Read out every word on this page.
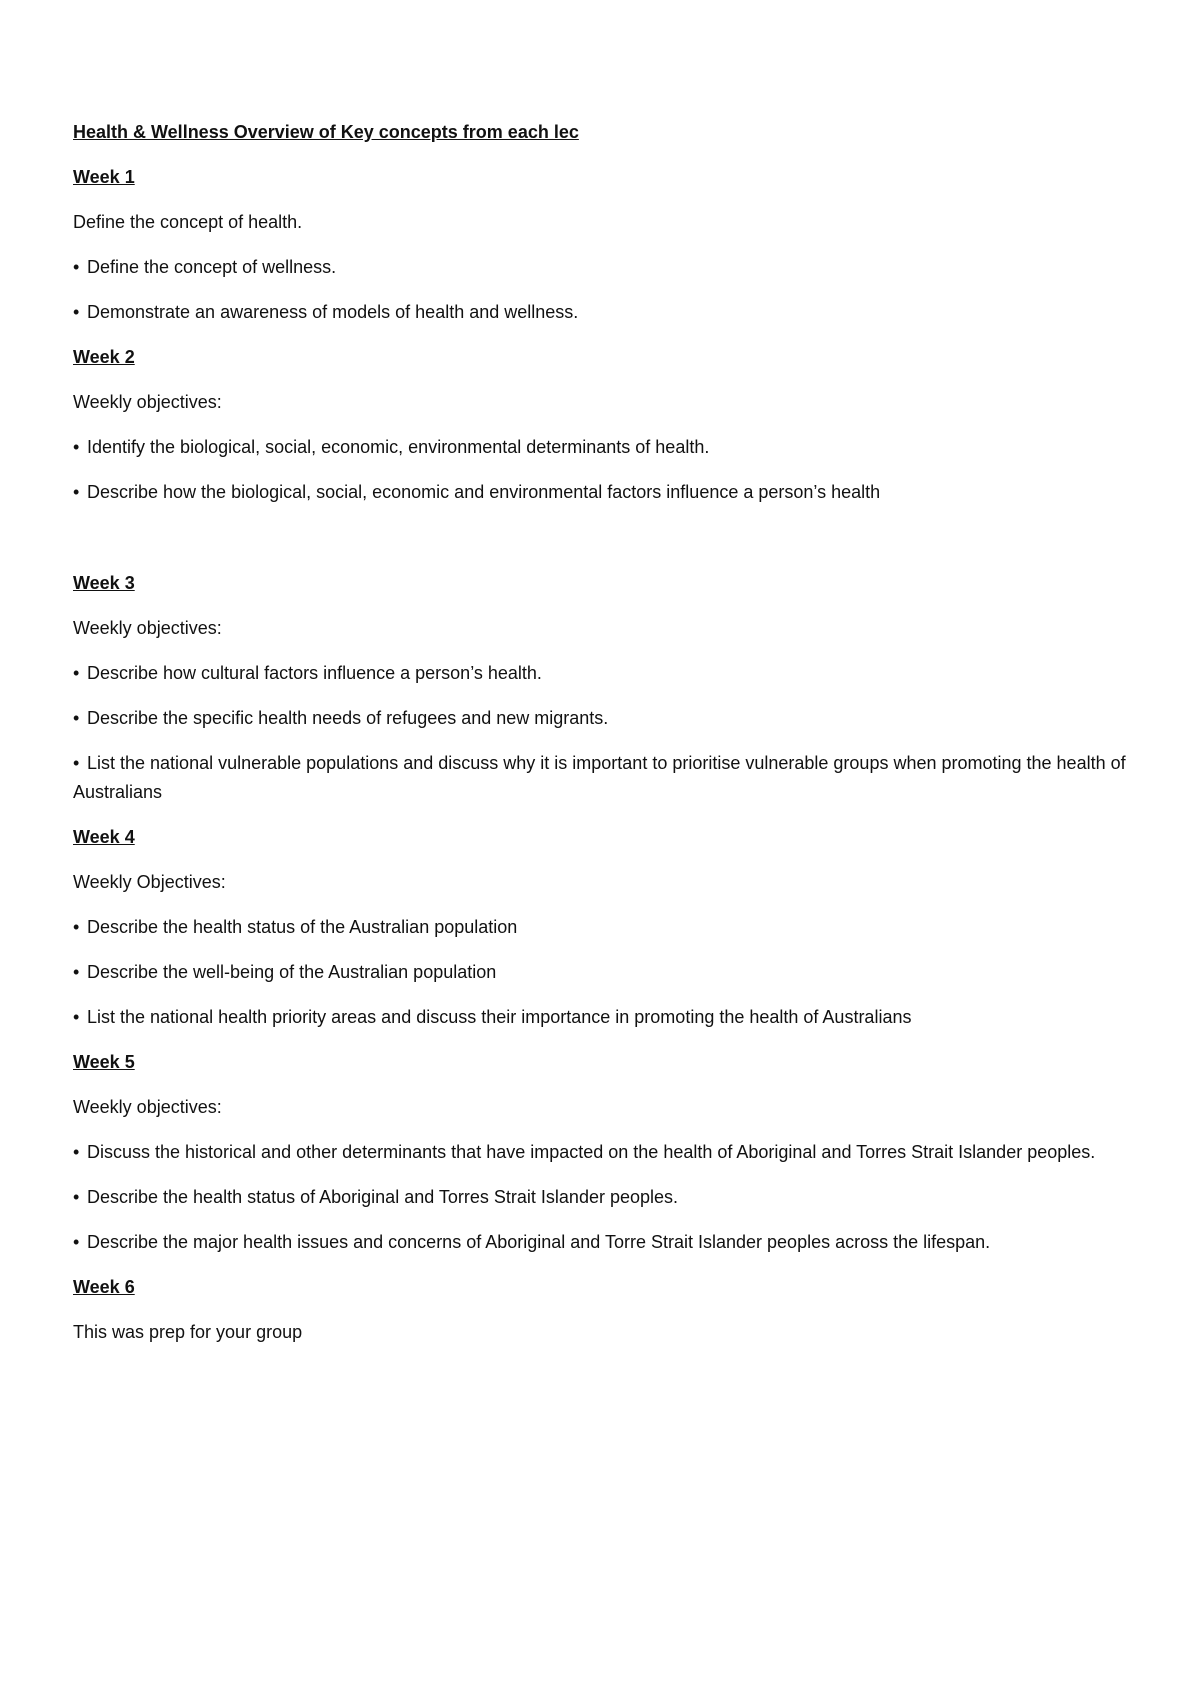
Health & Wellness Overview of Key concepts from each lec
Week 1
Define the concept of health.
• Define the concept of wellness.
• Demonstrate an awareness of models of health and wellness.
Week 2
Weekly objectives:
• Identify the biological, social, economic, environmental determinants of health.
• Describe how the biological, social, economic and environmental factors influence a person’s health
Week 3
Weekly objectives:
• Describe how cultural factors influence a person’s health.
• Describe the specific health needs of refugees and new migrants.
• List the national vulnerable populations and discuss why it is important to prioritise vulnerable groups when promoting the health of Australians
Week 4
Weekly Objectives:
• Describe the health status of the Australian population
• Describe the well-being of the Australian population
• List the national health priority areas and discuss their importance in promoting the health of Australians
Week 5
Weekly objectives:
• Discuss the historical and other determinants that have impacted on the health of Aboriginal and Torres Strait Islander peoples.
• Describe the health status of Aboriginal and Torres Strait Islander peoples.
• Describe the major health issues and concerns of Aboriginal and Torre Strait Islander peoples across the lifespan.
Week 6
This was prep for your group
